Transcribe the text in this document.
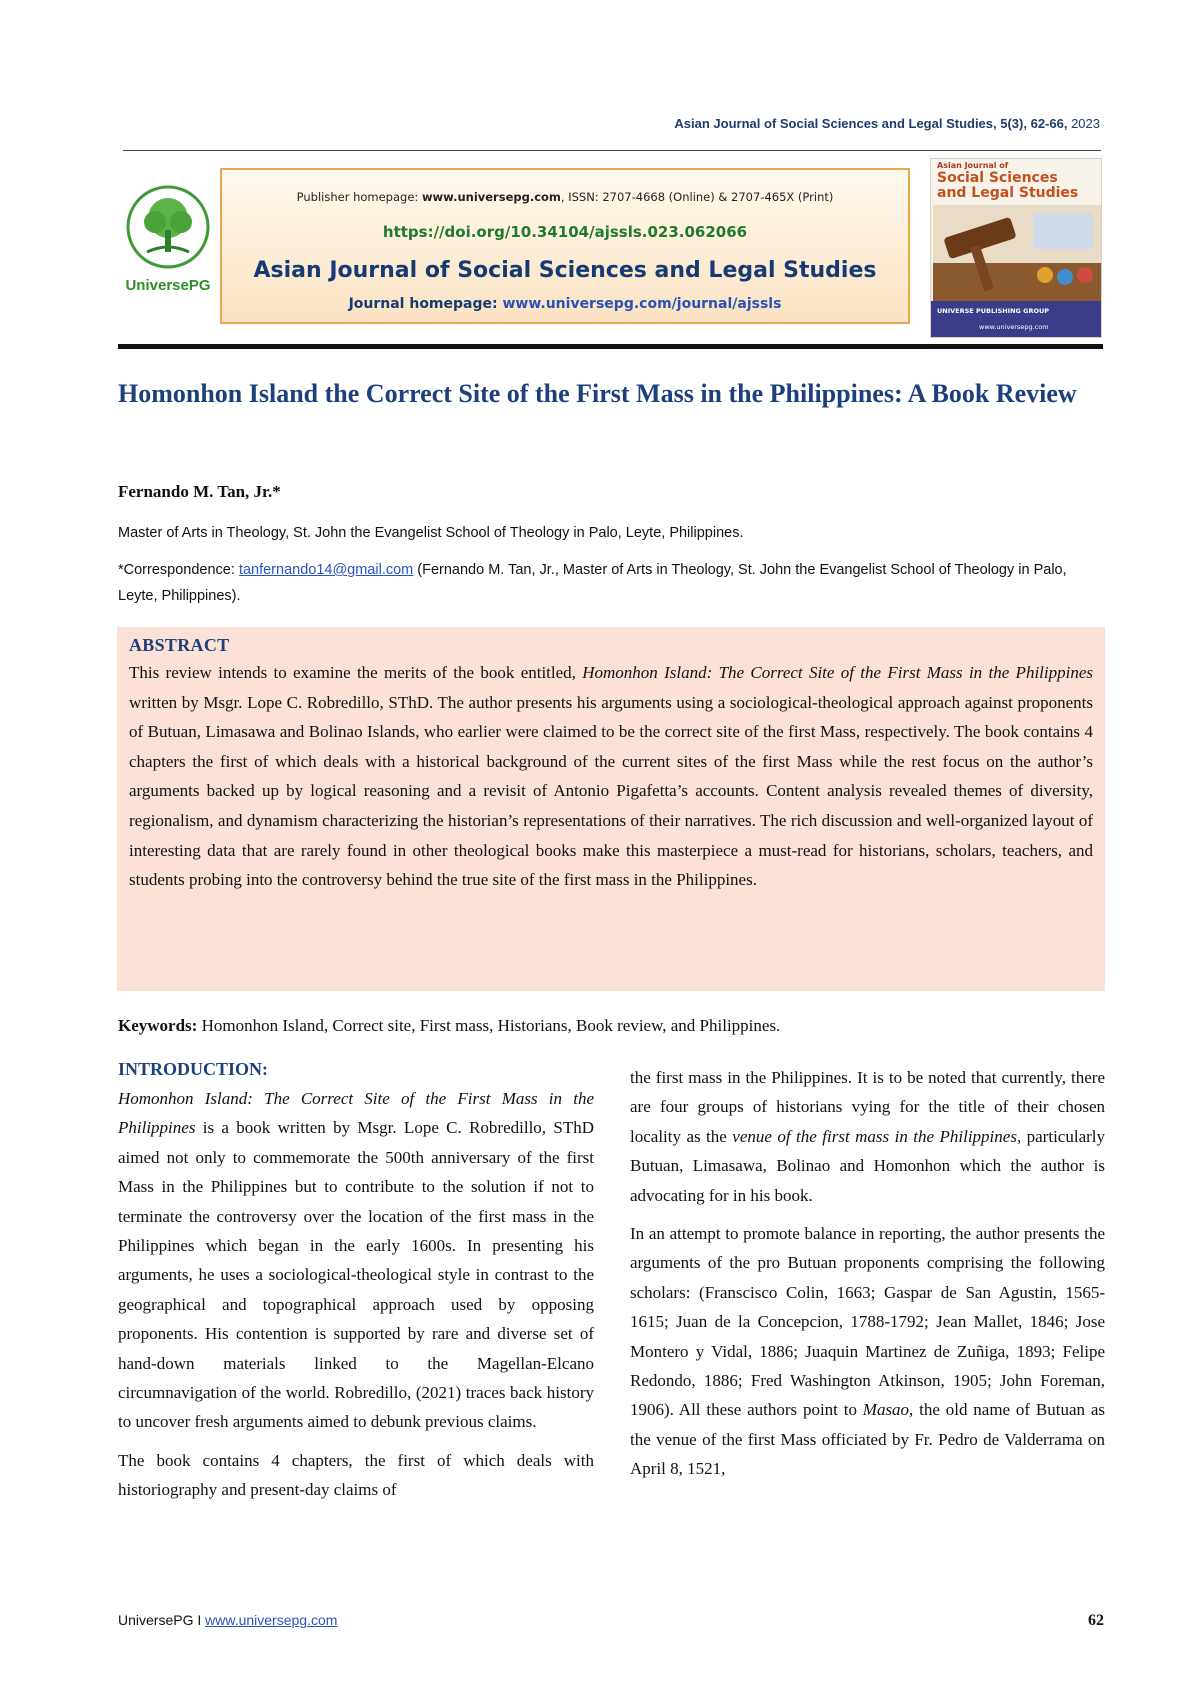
Asian Journal of Social Sciences and Legal Studies, 5(3), 62-66, 2023
UniversePG
Publisher homepage: www.universepg.com, ISSN: 2707-4668 (Online) & 2707-465X (Print)
https://doi.org/10.34104/ajssls.023.062066
Asian Journal of Social Sciences and Legal Studies
Journal homepage: www.universepg.com/journal/ajssls
Asian Journal of
Social Sciences
and Legal Studies
UNIVERSE PUBLISHING GROUP
www.universepg.com
Homonhon Island the Correct Site of the First Mass in the Philippines: A Book Review
Fernando M. Tan, Jr.*
Master of Arts in Theology, St. John the Evangelist School of Theology in Palo, Leyte, Philippines.
*Correspondence: tanfernando14@gmail.com (Fernando M. Tan, Jr., Master of Arts in Theology, St. John the Evangelist School of Theology in Palo, Leyte, Philippines).
ABSTRACT

This review intends to examine the merits of the book entitled, Homonhon Island: The Correct Site of the First Mass in the Philippines written by Msgr. Lope C. Robredillo, SThD. The author presents his arguments using a sociological-theological approach against proponents of Butuan, Limasawa and Bolinao Islands, who earlier were claimed to be the correct site of the first Mass, respectively. The book contains 4 chapters the first of which deals with a historical background of the current sites of the first Mass while the rest focus on the author’s arguments backed up by logical reasoning and a revisit of Antonio Pigafetta’s accounts. Content analysis revealed themes of diversity, regionalism, and dynamism characterizing the historian’s representations of their narratives. The rich discussion and well-organized layout of interesting data that are rarely found in other theological books make this masterpiece a must-read for historians, scholars, teachers, and students probing into the controversy behind the true site of the first mass in the Philippines.

Keywords: Homonhon Island, Correct site, First mass, Historians, Book review, and Philippines.
INTRODUCTION:

Homonhon Island: The Correct Site of the First Mass in the Philippines is a book written by Msgr. Lope C. Robredillo, SThD aimed not only to commemorate the 500th anniversary of the first Mass in the Philippines but to contribute to the solution if not to terminate the controversy over the location of the first mass in the Philippines which began in the early 1600s. In presenting his arguments, he uses a sociological-theological style in contrast to the geographical and topographical approach used by opposing proponents. His contention is supported by rare and diverse set of hand-down materials linked to the Magellan-Elcano circumnavigation of the world. Robredillo, (2021) traces back history to uncover fresh arguments aimed to debunk previous claims.

The book contains 4 chapters, the first of which deals with historiography and present-day claims of

the first mass in the Philippines. It is to be noted that currently, there are four groups of historians vying for the title of their chosen locality as the venue of the first mass in the Philippines, particularly Butuan, Limasawa, Bolinao and Homonhon which the author is advocating for in his book.

In an attempt to promote balance in reporting, the author presents the arguments of the pro Butuan proponents comprising the following scholars: (Franscisco Colin, 1663; Gaspar de San Agustin, 1565-1615; Juan de la Concepcion, 1788-1792; Jean Mallet, 1846; Jose Montero y Vidal, 1886; Juaquin Martinez de Zuñiga, 1893; Felipe Redondo, 1886; Fred Washington Atkinson, 1905; John Foreman, 1906). All these authors point to Masao, the old name of Butuan as the venue of the first Mass officiated by Fr. Pedro de Valderrama on April 8, 1521,

UniversePG I www.universepg.com	62
